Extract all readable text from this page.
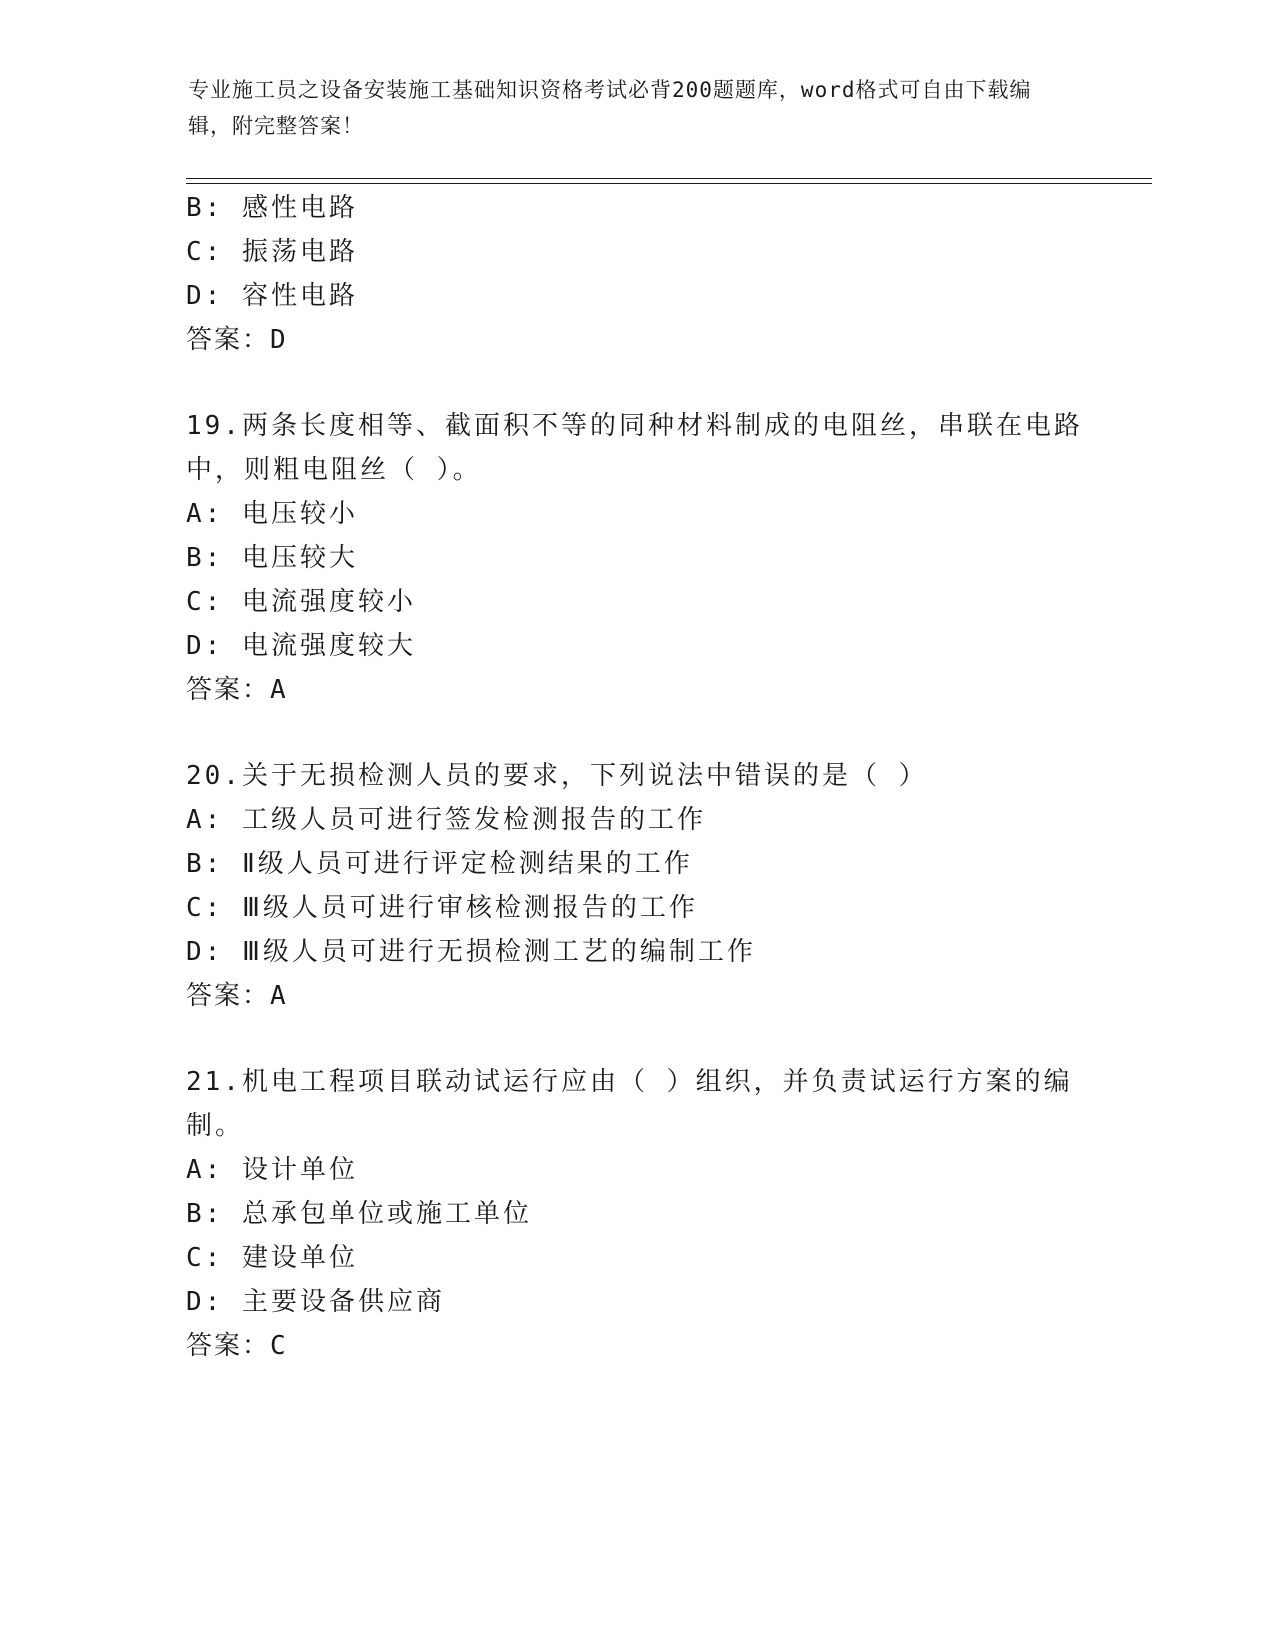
专业施工员之设备安装施工基础知识资格考试必背200题题库，word格式可自由下载编辑，附完整答案！
B: 感性电路
C: 振荡电路
D: 容性电路
答案：D
19.两条长度相等、截面积不等的同种材料制成的电阻丝，串联在电路
中，则粗电阻丝（ ）。
A: 电压较小
B: 电压较大
C: 电流强度较小
D: 电流强度较大
答案：A
20.关于无损检测人员的要求，下列说法中错误的是（ ）
A: 工级人员可进行签发检测报告的工作
B: Ⅱ级人员可进行评定检测结果的工作
C: Ⅲ级人员可进行审核检测报告的工作
D: Ⅲ级人员可进行无损检测工艺的编制工作
答案：A
21.机电工程项目联动试运行应由（ ）组织，并负责试运行方案的编
制。
A: 设计单位
B: 总承包单位或施工单位
C: 建设单位
D: 主要设备供应商
答案：C
